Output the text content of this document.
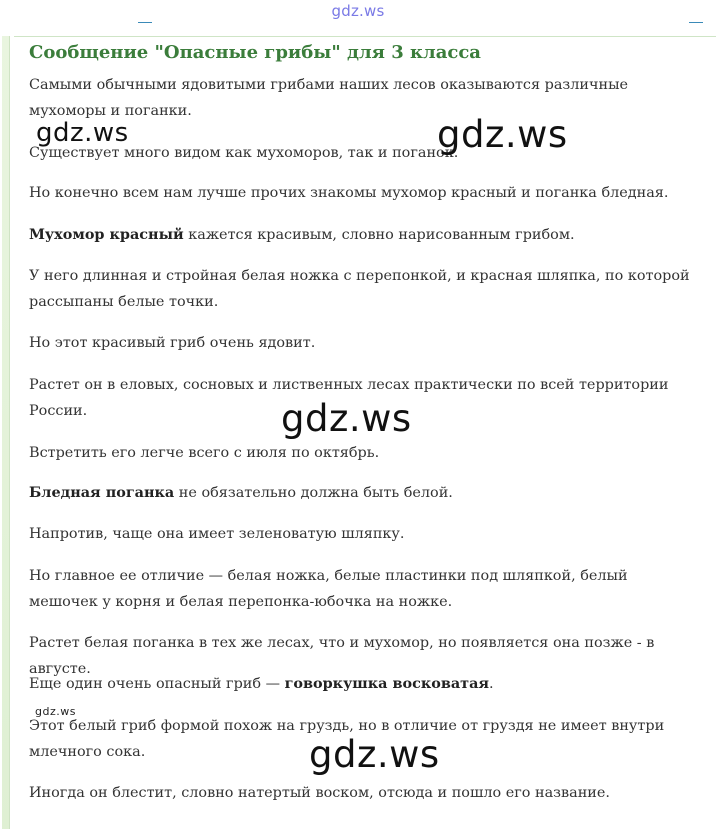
gdz.ws
Сообщение "Опасные грибы" для 3 класса

Самыми обычными ядовитыми грибами наших лесов оказываются различные мухоморы и поганки.

Существует много видом как мухоморов, так и поганок.

Но конечно всем нам лучше прочих знакомы мухомор красный и поганка бледная.

Мухомор красный кажется красивым, словно нарисованным грибом.

У него длинная и стройная белая ножка с перепонкой, и красная шляпка, по которой рассыпаны белые точки.

Но этот красивый гриб очень ядовит.

Растет он в еловых, сосновых и лиственных лесах практически по всей территории России.

Встретить его легче всего с июля по октябрь.

Бледная поганка не обязательно должна быть белой.

Напротив, чаще она имеет зеленоватую шляпку.

Но главное ее отличие — белая ножка, белые пластинки под шляпкой, белый мешочек у корня и белая перепонка-юбочка на ножке.

Растет белая поганка в тех же лесах, что и мухомор, но появляется она позже - в августе.

Еще один очень опасный гриб — говоркушка восковатая.

Этот белый гриб формой похож на груздь, но в отличие от груздя не имеет внутри млечного сока.

Иногда он блестит, словно натертый воском, отсюда и пошло его название.

gdz.ws	gdz.ws
gdz.ws
gdz.ws
gdz.ws
